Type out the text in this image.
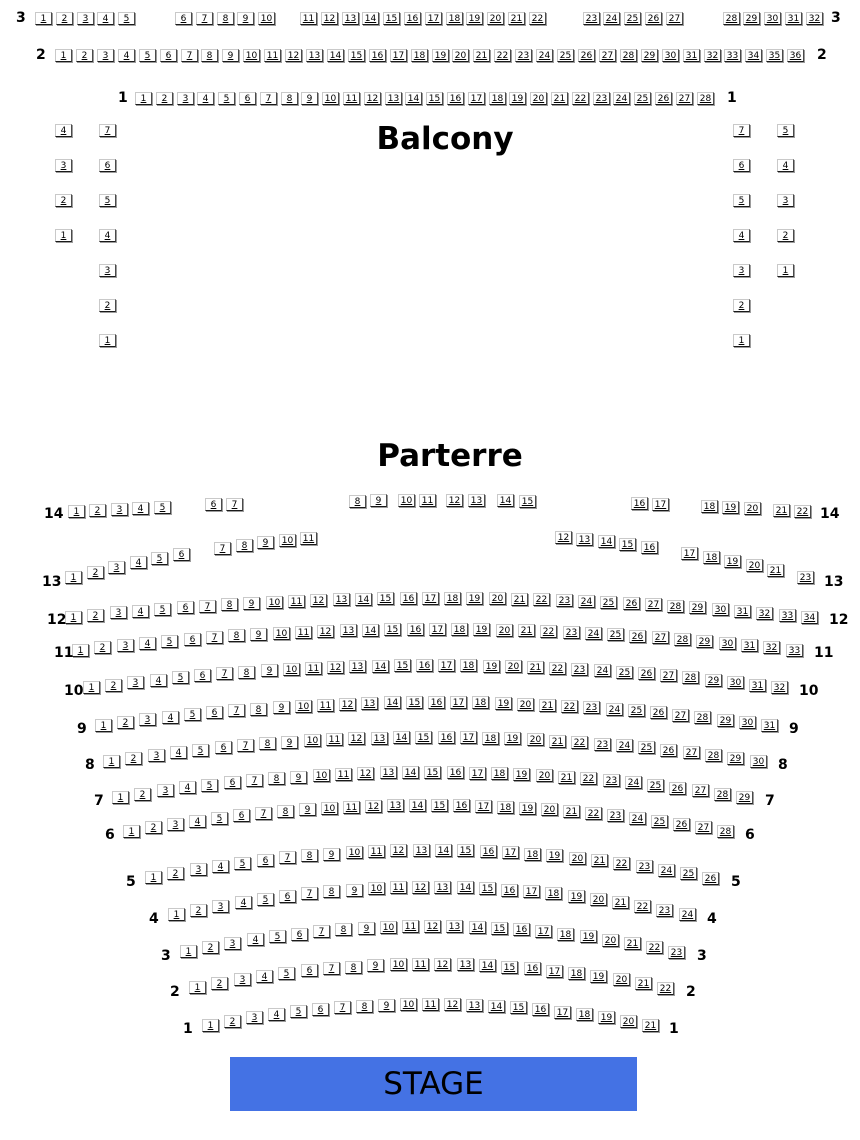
Balcony
1	2	3	4	5	6	7	8	9	10	11	12	13 14	15	16	17	18 19	20	21	22	23 24	25	26	27	28 29	30	31	32
3	3
1	2	3	4	5	6	7	8	9	10	11	12	13	14	15	16	17	18	19 20	21	22	23	24	25	26	27	28	29	30	31	32 33	34	35	36
2	2
1	2	3	4	5	6	7	8	9	10	11	12	13 14	15	16	17	18 19	20	21	22	23 24	25	26	27	28
1	1
4
3
2
1
7
6
5
4
3
2
1
7
6
5
4
3
2
1
5
4
3
2
1
Parterre
1	2	3	4	5	6	7	8	9	10	11	12	13	14	15	16	17	18	19	20	21	22
14	14
1	2	3	4	5	6
7	8	9	10	11	12	13	14	15	16
17	18	19	20	21
23
13	13
1	2	3	4	5	6	7	8	9	10	11	12	13	14	15	16	17	18	19	20	21	22	23	24	25	26	27	28	29	30	31	32	33	34
12	12
1	2	3	4	5	6	7	8	9	10	11	12	13	14	15	16	17	18	19	20	21	22	23	24	25	26	27	28	29	30	31	32	33
11	11
1	2	3	4	5	6	7	8	9	10	11	12	13	14	15	16	17	18	19	20	21	22	23	24	25	26	27	28	29	30	31	32
10	10
1	2	3	4	5	6	7	8	9	10	11	12	13	14	15	16	17	18	19	20	21	22	23	24	25	26	27	28	29	30	31
9	9
1	2	3	4	5	6	7	8	9	10	11	12	13	14	15	16	17	18	19	20	21	22	23	24	25	26	27	28	29	30
8	8
1	2	3	4	5	6	7	8	9	10	11	12	13	14	15	16	17	18	19	20	21	22	23	24	25	26	27	28	29
7	7
1	2	3	4	5	6	7	8	9	10	11	12	13	14	15	16	17	18	19	20	21	22	23	24	25	26	27	28
6	6
1	2	3	4	5	6	7	8	9	10	11	12	13	14	15	16	17	18	19	20	21	22	23	24	25	26
5	5
1	2	3	4	5	6	7	8	9	10	11	12	13	14	15	16	17	18	19	20	21	22	23	24
4	4
1	2	3	4	5	6	7	8	9	10	11	12	13	14	15	16	17	18	19	20	21	22	23
3	3
1	2	3	4	5	6	7	8	9	10	11	12	13	14	15	16	17	18	19	20	21	22
2	2
1	2	3	4	5	6	7	8	9	10	11	12	13	14	15	16	17	18	19	20	21
1	1
STAGE
